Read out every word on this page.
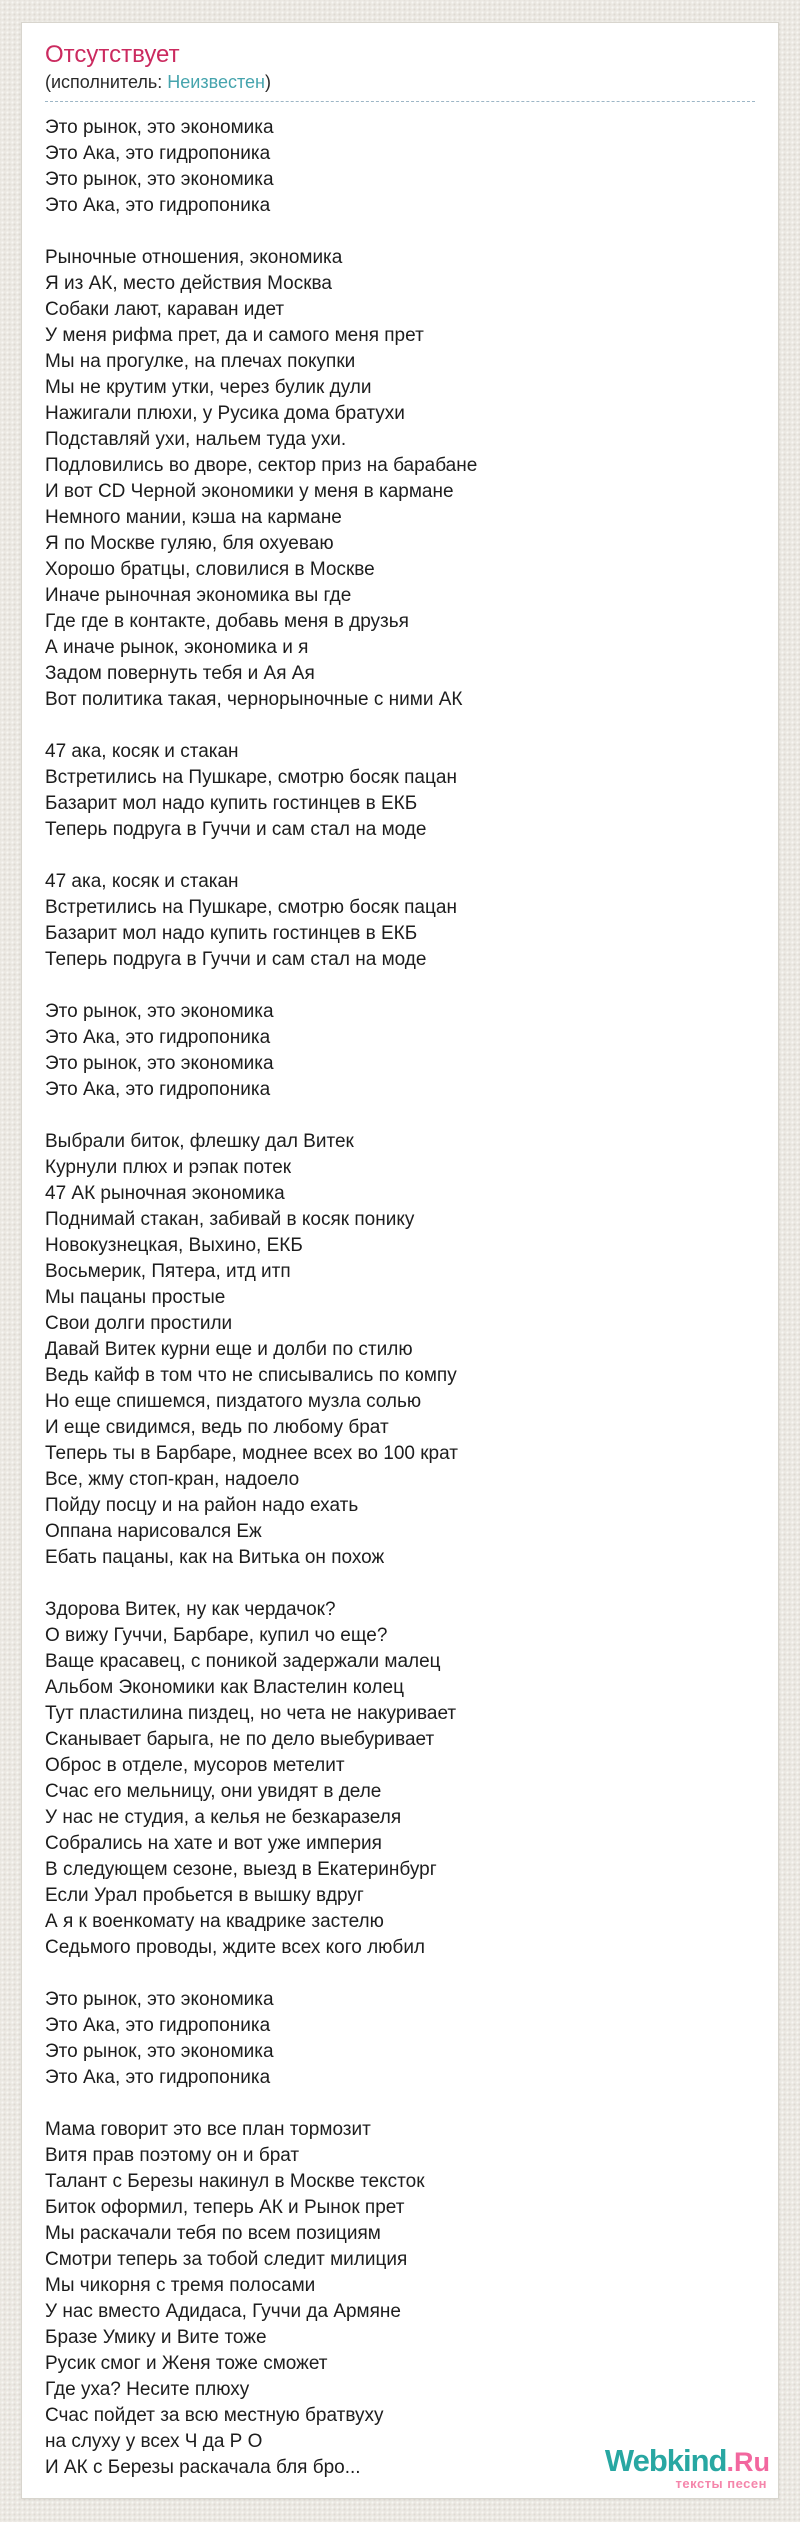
Отсутствует
(исполнитель: Неизвестен)

Это рынок, это экономика
Это Ака, это гидропоника
Это рынок, это экономика
Это Ака, это гидропоника

Рыночные отношения, экономика
Я из АК, место действия Москва
Собаки лают, караван идет
У меня рифма прет, да и самого меня прет
Мы на прогулке, на плечах покупки
Мы не крутим утки, через булик дули
Нажигали плюхи, у Русика дома братухи
Подставляй ухи, нальем туда ухи.
Подловились во дворе, сектор приз на барабане
И вот CD Черной экономики у меня в кармане
Немного мании, кэша на кармане
Я по Москве гуляю, бля охуеваю
Хорошо братцы, словилися в Москве
Иначе рыночная экономика вы где
Где где в контакте, добавь меня в друзья
А иначе рынок, экономика и я
Задом повернуть тебя и Ая Ая
Вот политика такая, чернорыночные с ними АК

47 ака, косяк и стакан
Встретились на Пушкаре, смотрю босяк пацан
Базарит мол надо купить гостинцев в ЕКБ
Теперь подруга в Гуччи и сам стал на моде

47 ака, косяк и стакан
Встретились на Пушкаре, смотрю босяк пацан
Базарит мол надо купить гостинцев в ЕКБ
Теперь подруга в Гуччи и сам стал на моде

Это рынок, это экономика
Это Ака, это гидропоника
Это рынок, это экономика
Это Ака, это гидропоника

Выбрали биток, флешку дал Витек
Курнули плюх и рэпак потек
47 АК рыночная экономика
Поднимай стакан, забивай в косяк понику
Новокузнецкая, Выхино, ЕКБ
Восьмерик, Пятера, итд итп
Мы пацаны простые
Свои долги простили
Давай Витек курни еще и долби по стилю
Ведь кайф в том что не списывались по компу
Но еще спишемся, пиздатого музла солью
И еще свидимся, ведь по любому брат
Теперь ты в Барбаре, моднее всех во 100 крат
Все, жму стоп-кран, надоело
Пойду посцу и на район надо ехать
Оппана нарисовался Еж
Ебать пацаны, как на Витька он похож

Здорова Витек, ну как чердачок?
О вижу Гуччи, Барбаре, купил чо еще?
Ваще красавец, с поникой задержали малец
Альбом Экономики как Властелин колец
Тут пластилина пиздец, но чета не накуривает
Сканывает барыга, не по дело выебуривает
Оброс в отделе, мусоров метелит
Счас его мельницу, они увидят в деле
У нас не студия, а келья не безкаразеля
Собрались на хате и вот уже империя
В следующем сезоне, выезд в Екатеринбург
Если Урал пробьется в вышку вдруг
А я к военкомату на квадрике застелю
Седьмого проводы, ждите всех кого любил

Это рынок, это экономика
Это Ака, это гидропоника
Это рынок, это экономика
Это Ака, это гидропоника

Мама говорит это все план тормозит
Витя прав поэтому он и брат
Талант с Березы накинул в Москве тексток
Биток оформил, теперь АК и Рынок прет
Мы раскачали тебя по всем позициям
Смотри теперь за тобой следит милиция
Мы чикорня с тремя полосами
У нас вместо Адидаса, Гуччи да Армяне
Бразе Умику и Вите тоже
Русик смог и Женя тоже сможет
Где уха? Несите плюху
Счас пойдет за всю местную братвуху
на слуху у всех Ч да Р О
И АК с Березы раскачала бля бро...	Webkind.Ru
тексты песен
